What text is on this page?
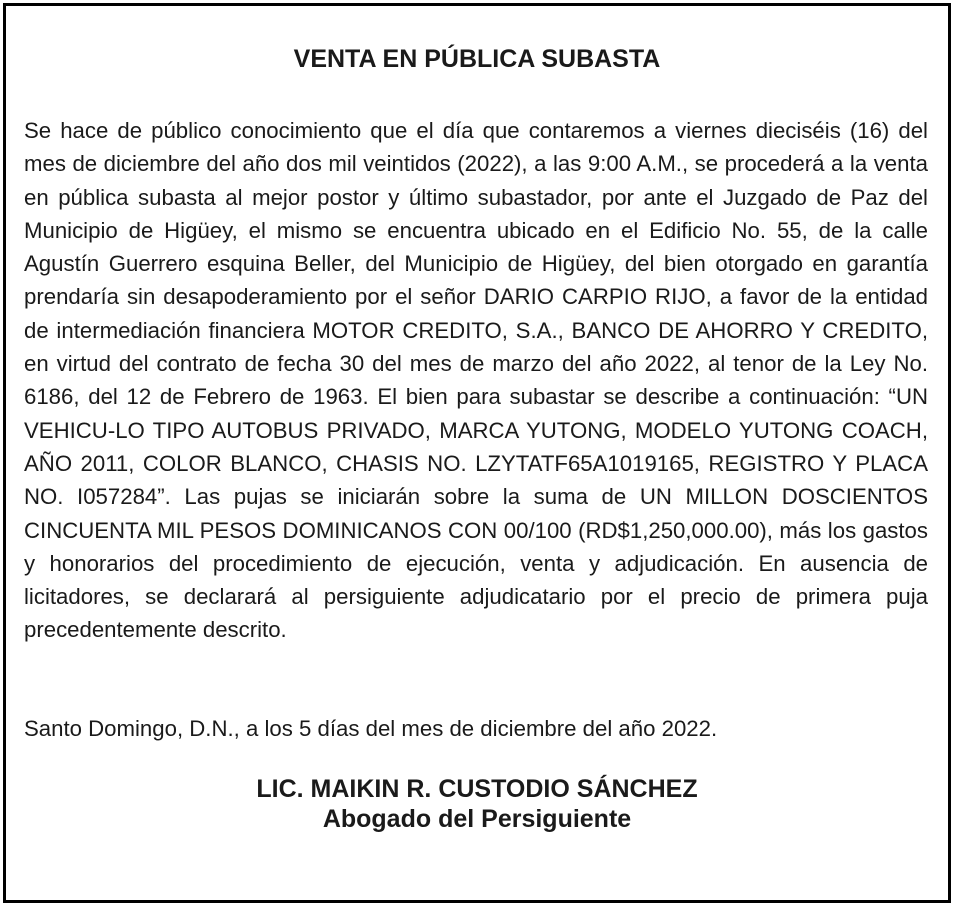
VENTA EN PÚBLICA SUBASTA

Se hace de público conocimiento que el día que contaremos a viernes dieciséis (16) del mes de diciembre del año dos mil veintidos (2022), a las 9:00 A.M., se procederá a la venta en pública subasta al mejor postor y último subastador, por ante el Juzgado de Paz del Municipio de Higüey, el mismo se encuentra ubicado en el Edificio No. 55, de la calle Agustín Guerrero esquina Beller, del Municipio de Higüey, del bien otorgado en garantía prendaría sin desapoderamiento por el señor DARIO CARPIO RIJO, a favor de la entidad de intermediación financiera MOTOR CREDITO, S.A., BANCO DE AHORRO Y CREDITO, en virtud del contrato de fecha 30 del mes de marzo del año 2022, al tenor de la Ley No. 6186, del 12 de Febrero de 1963. El bien para subastar se describe a continuación: “UN VEHICU-LO TIPO AUTOBUS PRIVADO, MARCA YUTONG, MODELO YUTONG COACH, AÑO 2011, COLOR BLANCO, CHASIS NO. LZYTATF65A1019165, REGISTRO Y PLACA NO. I057284”. Las pujas se iniciarán sobre la suma de UN MILLON DOSCIENTOS CINCUENTA MIL PESOS DOMINICANOS CON 00/100 (RD$1,250,000.00), más los gastos y honorarios del procedimiento de ejecución, venta y adjudicación. En ausencia de licitadores, se declarará al persiguiente adjudicatario por el precio de primera puja precedentemente descrito.

Santo Domingo, D.N., a los 5 días del mes de diciembre del año 2022.

LIC. MAIKIN R. CUSTODIO SÁNCHEZ
Abogado del Persiguiente
